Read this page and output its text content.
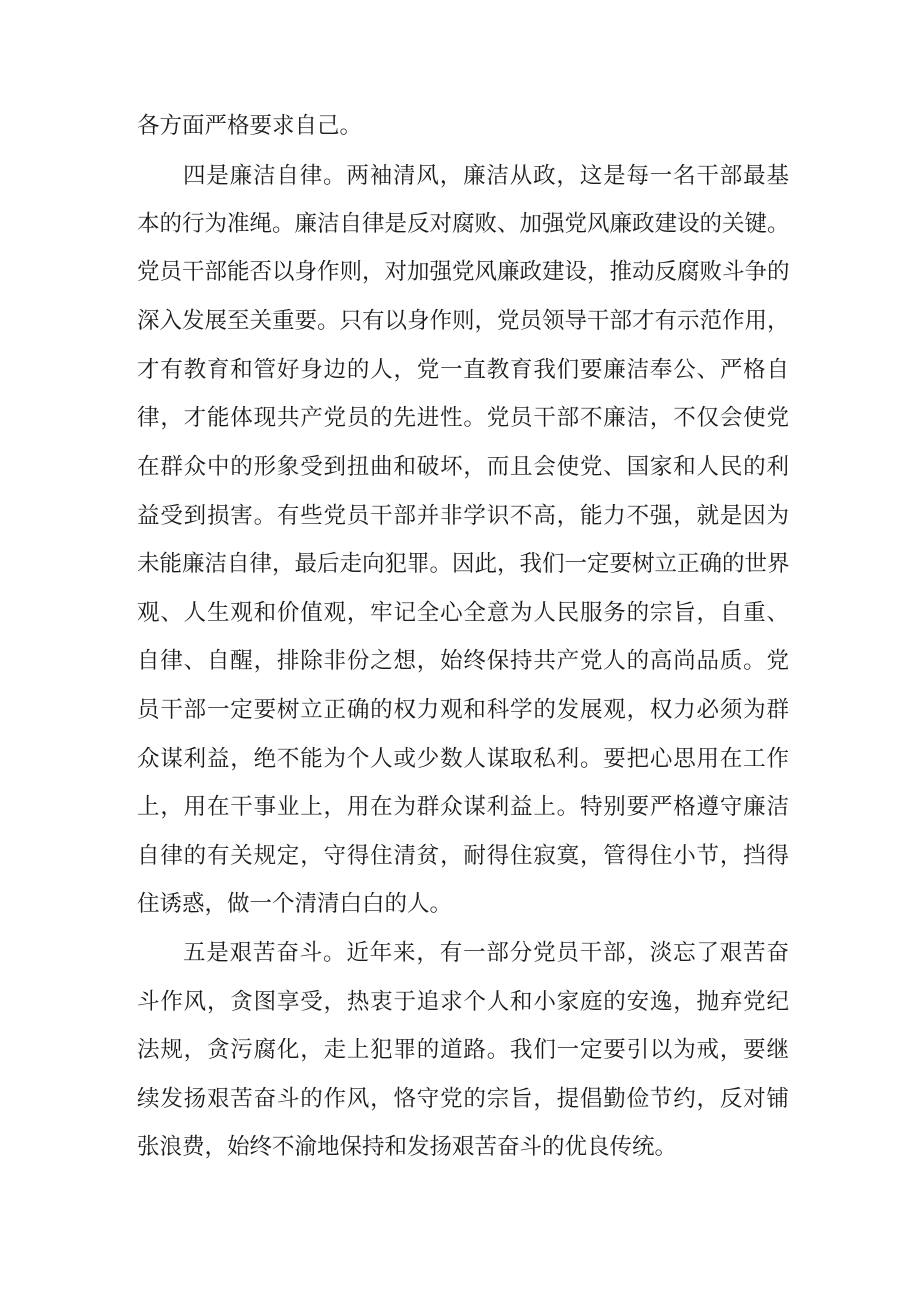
各方面严格要求自己。
四是廉洁自律。两袖清风，廉洁从政，这是每一名干部最基
本的行为准绳。廉洁自律是反对腐败、加强党风廉政建设的关键。
党员干部能否以身作则，对加强党风廉政建设，推动反腐败斗争的
深入发展至关重要。只有以身作则，党员领导干部才有示范作用，
才有教育和管好身边的人，党一直教育我们要廉洁奉公、严格自
律，才能体现共产党员的先进性。党员干部不廉洁，不仅会使党
在群众中的形象受到扭曲和破坏，而且会使党、国家和人民的利
益受到损害。有些党员干部并非学识不高，能力不强，就是因为
未能廉洁自律，最后走向犯罪。因此，我们一定要树立正确的世界
观、人生观和价值观，牢记全心全意为人民服务的宗旨，自重、
自律、自醒，排除非份之想，始终保持共产党人的高尚品质。党
员干部一定要树立正确的权力观和科学的发展观，权力必须为群
众谋利益，绝不能为个人或少数人谋取私利。要把心思用在工作
上，用在干事业上，用在为群众谋利益上。特别要严格遵守廉洁
自律的有关规定，守得住清贫，耐得住寂寞，管得住小节，挡得
住诱惑，做一个清清白白的人。
五是艰苦奋斗。近年来，有一部分党员干部，淡忘了艰苦奋
斗作风，贪图享受，热衷于追求个人和小家庭的安逸，抛弃党纪
法规，贪污腐化，走上犯罪的道路。我们一定要引以为戒，要继
续发扬艰苦奋斗的作风，恪守党的宗旨，提倡勤俭节约，反对铺
张浪费，始终不渝地保持和发扬艰苦奋斗的优良传统。
